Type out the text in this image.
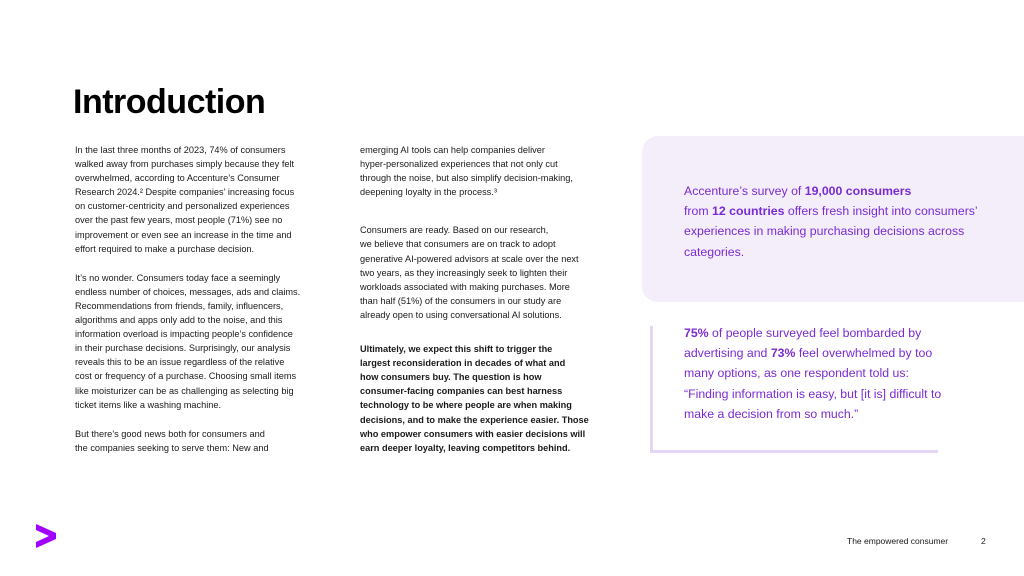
Introduction

In the last three months of 2023, 74% of consumers
walked away from purchases simply because they felt
overwhelmed, according to Accenture’s Consumer
Research 2024.² Despite companies’ increasing focus
on customer-centricity and personalized experiences
over the past few years, most people (71%) see no
improvement or even see an increase in the time and
effort required to make a purchase decision.

It’s no wonder. Consumers today face a seemingly
endless number of choices, messages, ads and claims.
Recommendations from friends, family, influencers,
algorithms and apps only add to the noise, and this
information overload is impacting people’s confidence
in their purchase decisions. Surprisingly, our analysis
reveals this to be an issue regardless of the relative
cost or frequency of a purchase. Choosing small items
like moisturizer can be as challenging as selecting big
ticket items like a washing machine.

But there’s good news both for consumers and
the companies seeking to serve them: New and

emerging AI tools can help companies deliver
hyper-personalized experiences that not only cut
through the noise, but also simplify decision-making,
deepening loyalty in the process.³

Consumers are ready. Based on our research,
we believe that consumers are on track to adopt
generative AI-powered advisors at scale over the next
two years, as they increasingly seek to lighten their
workloads associated with making purchases. More
than half (51%) of the consumers in our study are
already open to using conversational AI solutions.

Ultimately, we expect this shift to trigger the
largest reconsideration in decades of what and
how consumers buy. The question is how
consumer-facing companies can best harness
technology to be where people are when making
decisions, and to make the experience easier. Those
who empower consumers with easier decisions will
earn deeper loyalty, leaving competitors behind.

Accenture’s survey of 19,000 consumers
from 12 countries offers fresh insight into consumers’ experiences in making purchasing decisions across categories.
75% of people surveyed feel bombarded by advertising and 73% feel overwhelmed by too many options, as one respondent told us: “Finding information is easy, but [it is] difficult to make a decision from so much.”
The empowered consumer	2
